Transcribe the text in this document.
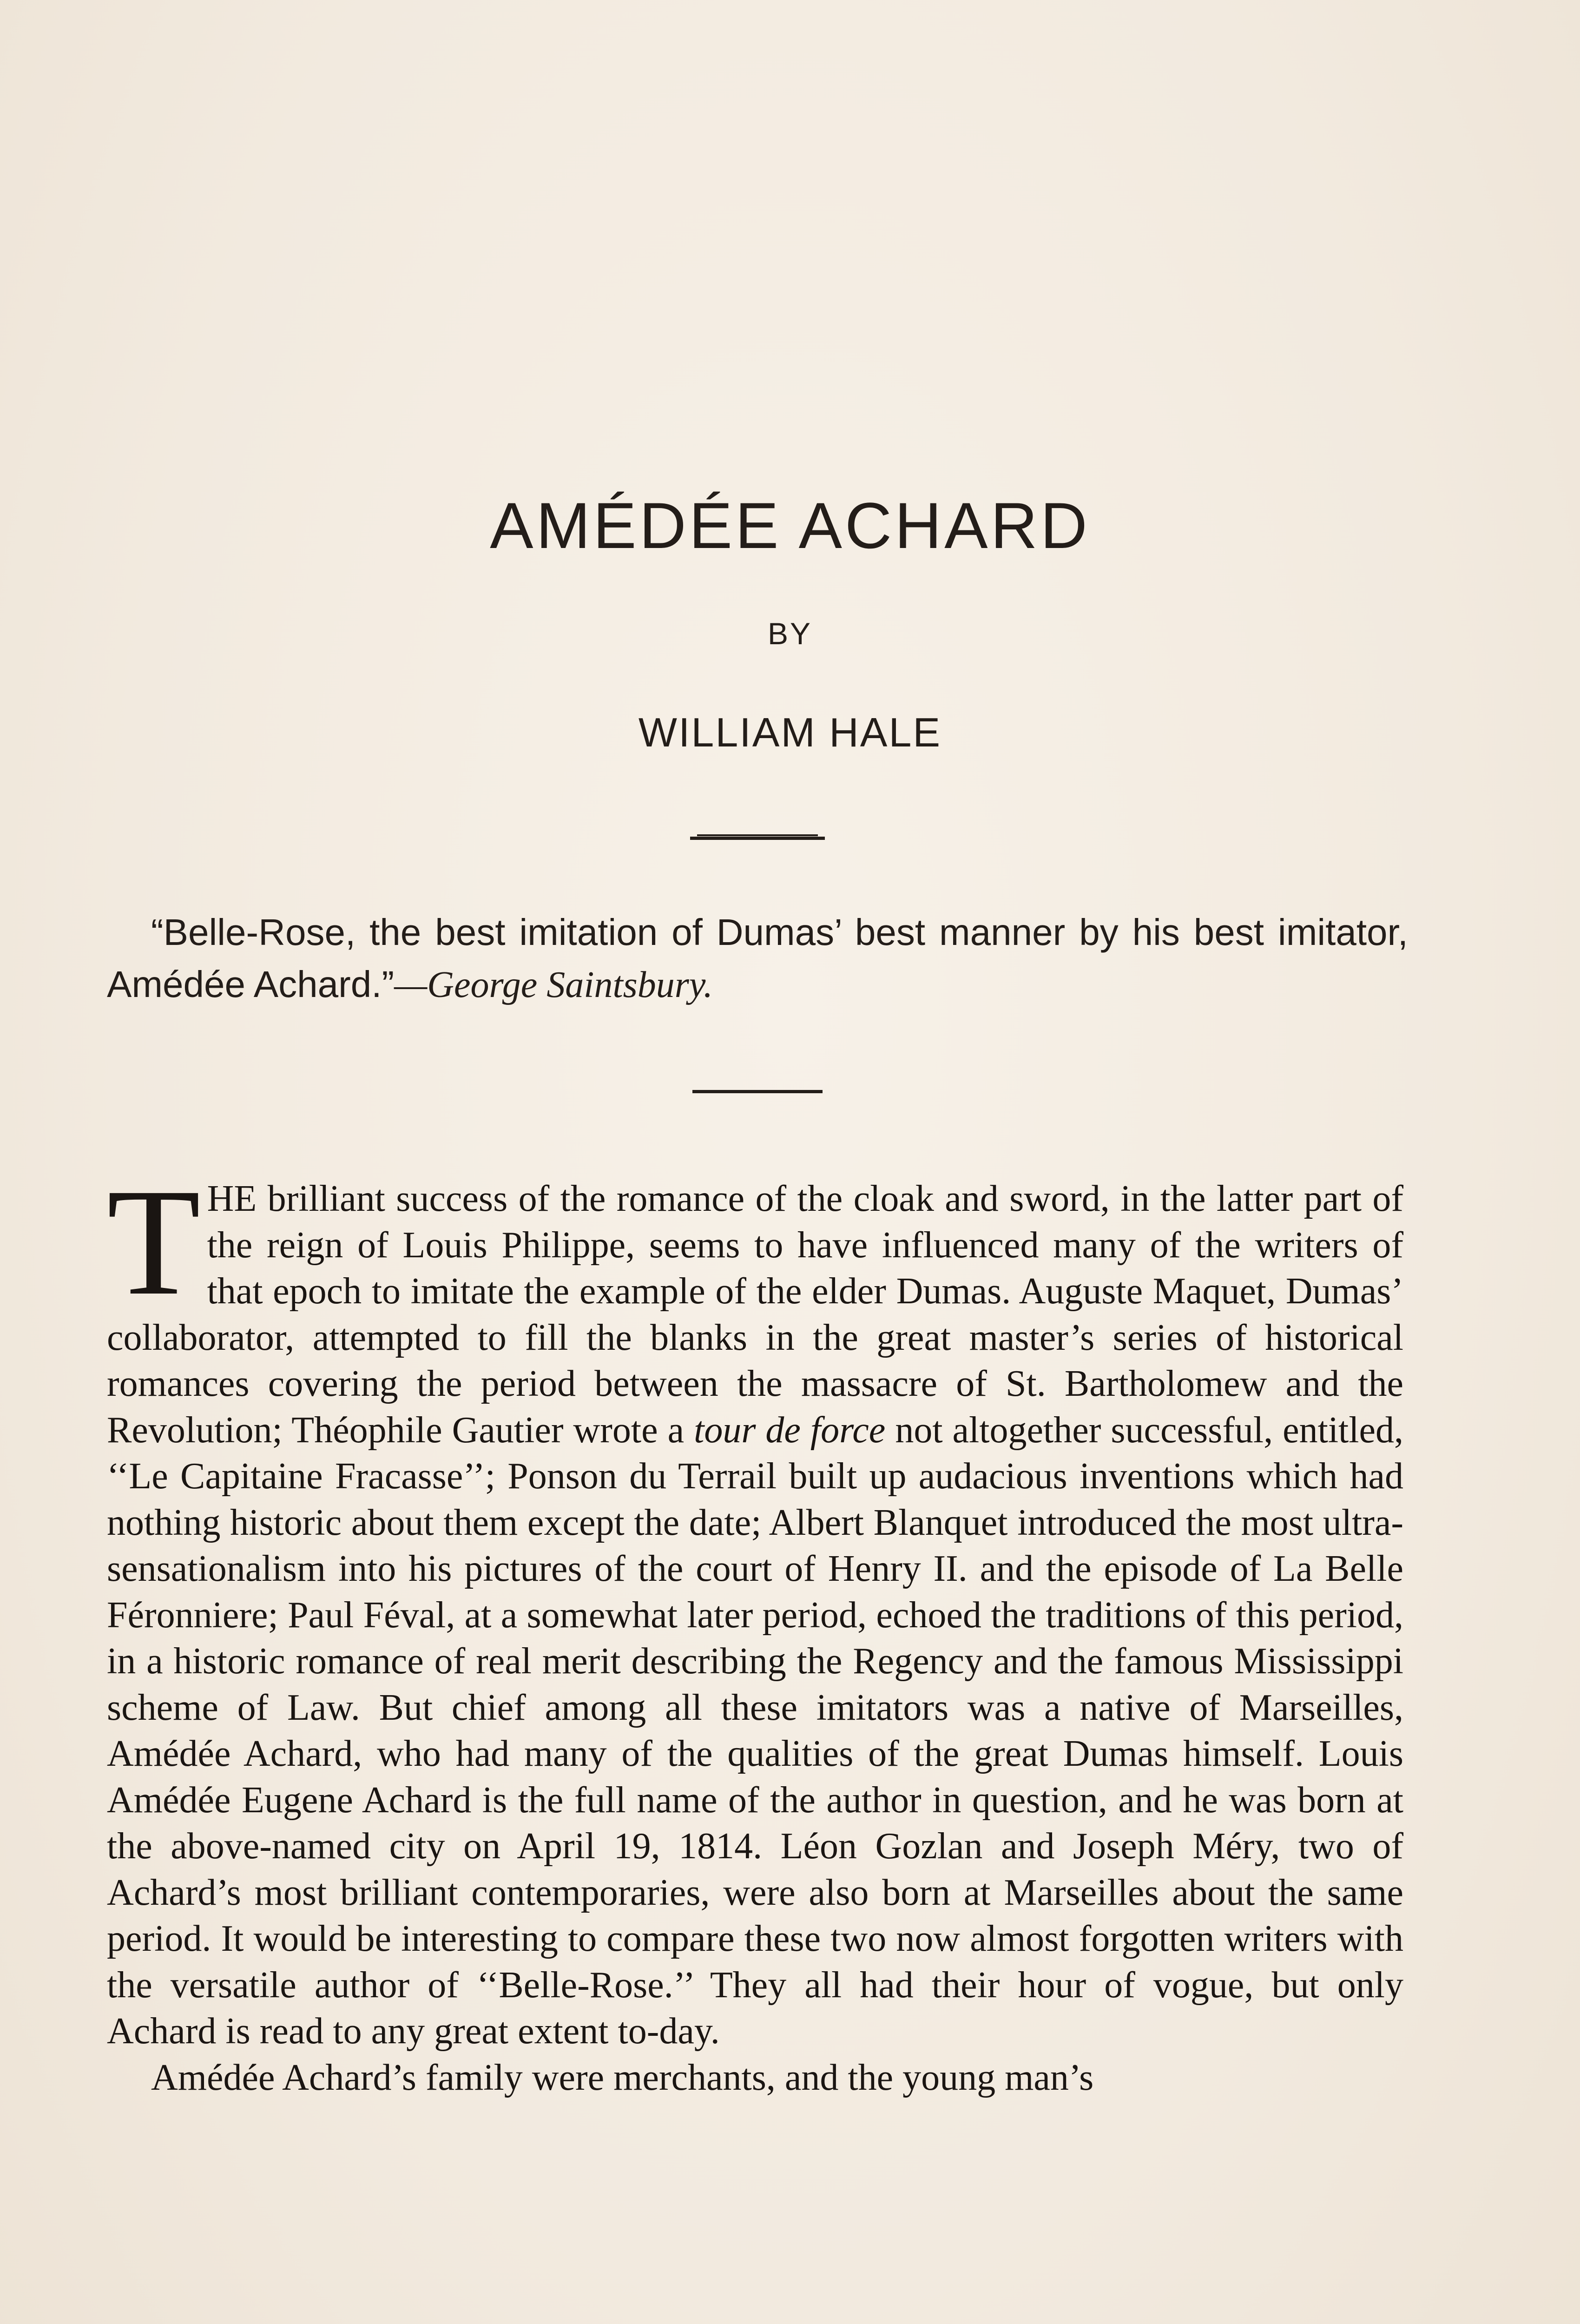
AMÉDÉE ACHARD
BY
WILLIAM HALE
“Belle-Rose, the best imitation of Dumas’ best manner by his best imitator, Amédée Achard.”—George Saintsbury.

THE brilliant success of the romance of the cloak and sword, in the latter part of the reign of Louis Philippe, seems to have influenced many of the writers of that epoch to imitate the example of the elder Dumas. Auguste Maquet, Dumas’ collaborator, attempted to fill the blanks in the great master’s series of historical romances covering the period between the massacre of St. Bartholomew and the Revolution; Théophile Gautier wrote a tour de force not altogether successful, entitled, ‘‘Le Capitaine Fracasse’’; Ponson du Terrail built up audacious inventions which had nothing historic about them except the date; Albert Blanquet introduced the most ultra-sensationalism into his pictures of the court of Henry II. and the episode of La Belle Féronniere; Paul Féval, at a somewhat later period, echoed the traditions of this period, in a historic romance of real merit describing the Regency and the famous Mississippi scheme of Law. But chief among all these imitators was a native of Marseilles, Amédée Achard, who had many of the qualities of the great Dumas himself. Louis Amédée Eugene Achard is the full name of the author in question, and he was born at the above-named city on April 19, 1814. Léon Gozlan and Joseph Méry, two of Achard’s most brilliant contemporaries, were also born at Marseilles about the same period. It would be interesting to compare these two now almost forgotten writers with the versatile author of ‘‘Belle-Rose.’’ They all had their hour of vogue, but only Achard is read to any great extent to-day.

Amédée Achard’s family were merchants, and the young man’s
